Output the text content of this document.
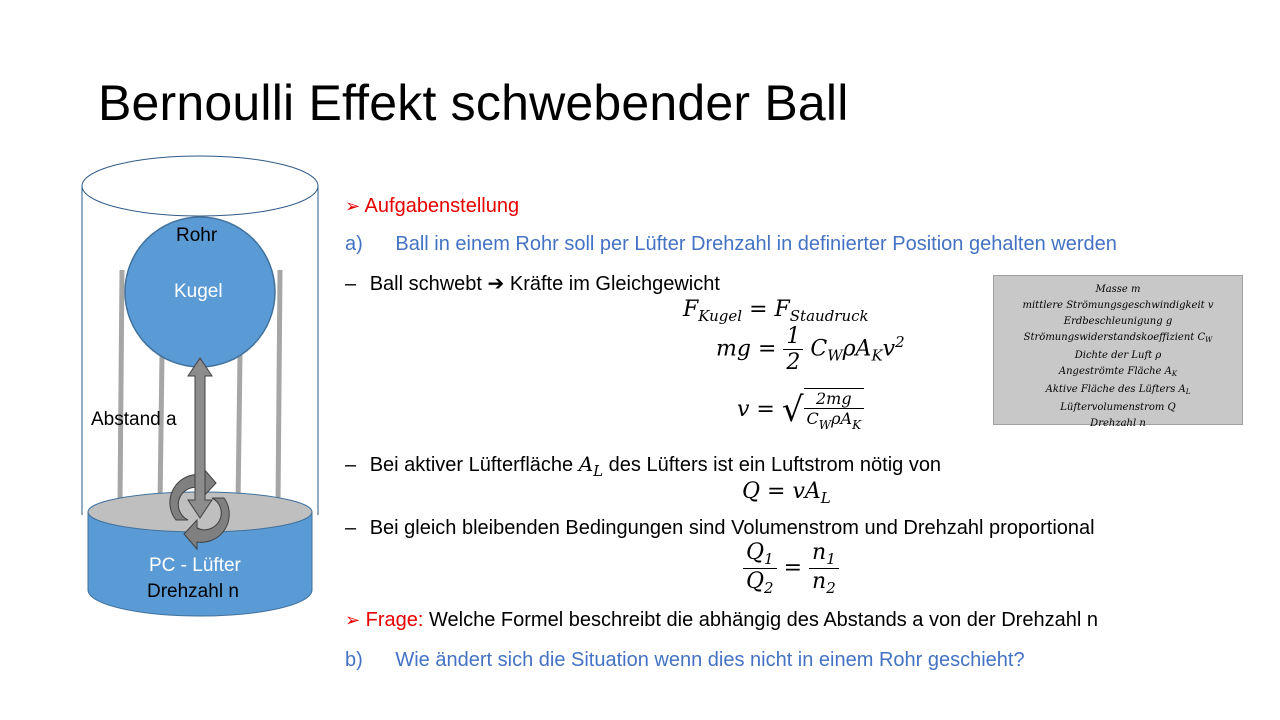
Bernoulli Effekt schwebender Ball
Rohr
Kugel
Abstand a
PC - Lüfter
Drehzahl n
➢ Aufgabenstellung
a) Ball in einem Rohr soll per Lüfter Drehzahl in definierter Position gehalten werden
– Ball schwebt ➔ Kräfte im Gleichgewicht
$F_{Kugel} = F_{Staudruck}$
mg = $\frac{1}{2} C_W\rho A_Kv^2$
v = √ $\frac{2mg}{C_W\rho A_K}$
– Bei aktiver Lüfterfläche $A_L$ des Lüfters ist ein Luftstrom nötig von
$Q = vA_L$
– Bei gleich bleibenden Bedingungen sind Volumenstrom und Drehzahl proportional
$\frac{Q_1}{Q_2} = \frac{n_1}{n_2}$
➢ Frage: Welche Formel beschreibt die abhängig des Abstands a von der Drehzahl n
b) Wie ändert sich die Situation wenn dies nicht in einem Rohr geschieht?
Masse m
mittlere Strömungsgeschwindigkeit v
Erdbeschleunigung g
Strömungswiderstandskoeffizient $C_W$
Dichte der Luft ρ
Angeströmte Fläche $A_K$
Aktive Fläche des Lüfters $A_L$
Lüftervolumenstrom Q
Drehzahl n
